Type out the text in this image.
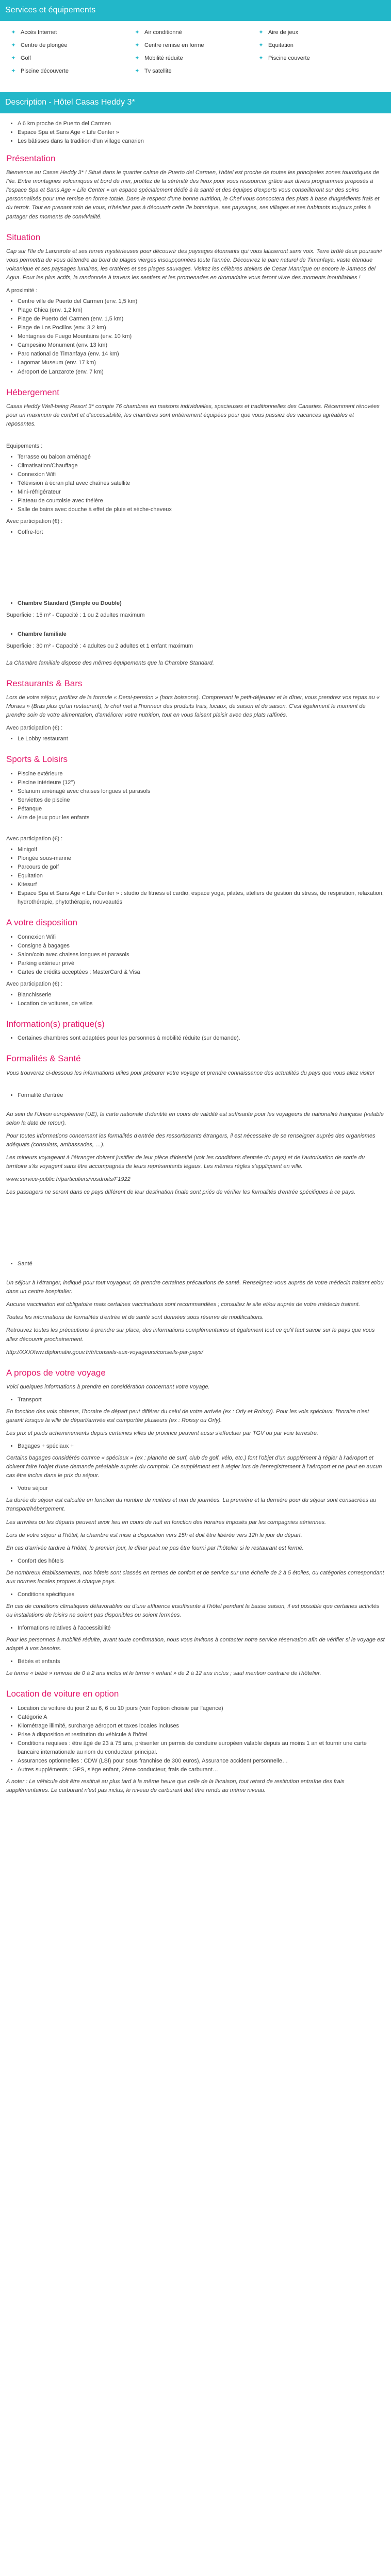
Services et équipements
✦ Accès Internet	✦ Air conditionné	✦ Aire de jeux
✦ Centre de plongée	✦ Centre remise en forme	✦ Equitation
✦ Golf	✦ Mobilité réduite	✦ Piscine couverte
✦ Piscine découverte	✦ Tv satellite
Description - Hôtel Casas Heddy 3*
• A 6 km proche de Puerto del Carmen
• Espace Spa et Sans Age « Life Center »
• Les bâtisses dans la tradition d'un village canarien
Présentation

Bienvenue au Casas Heddy 3* ! Situé dans le quartier calme de Puerto del Carmen, l'hôtel est proche de toutes les principales zones touristiques de l'île. Entre montagnes volcaniques et bord de mer, profitez de la sérénité des lieux pour vous ressourcer grâce aux divers programmes proposés à l'espace Spa et Sans Age « Life Center » un espace spécialement dédié à la santé et des équipes d'experts vous conseilleront sur des soins personnalisés pour une remise en forme totale. Dans le respect d'une bonne nutrition, le Chef vous concoctera des plats à base d'ingrédients frais et du terroir. Tout en prenant soin de vous, n'hésitez pas à découvrir cette île botanique, ses paysages, ses villages et ses habitants toujours prêts à partager des moments de convivialité.

Situation

Cap sur l'île de Lanzarote et ses terres mystérieuses pour découvrir des paysages étonnants qui vous laisseront sans voix. Terre brûlé deux poursuivi vous permettra de vous détendre au bord de plages vierges insoupçonnées toute l'année. Découvrez le parc naturel de Timanfaya, vaste étendue volcanique et ses paysages lunaires, les cratères et ses plages sauvages. Visitez les célèbres ateliers de Cesar Manrique ou encore le Jameos del Agua. Pour les plus actifs, la randonnée à travers les sentiers et les promenades en dromadaire vous feront vivre des moments inoubliables !

A proximité :
• Centre ville de Puerto del Carmen (env. 1,5 km)
• Plage Chica (env. 1,2 km)
• Plage de Puerto del Carmen (env. 1,5 km)
• Plage de Los Pocillos (env. 3,2 km)
• Montagnes de Fuego Mountains (env. 10 km)
• Campesino Monument (env. 13 km)
• Parc national de Timanfaya (env. 14 km)
• Lagomar Museum (env. 17 km)
• Aéroport de Lanzarote (env. 7 km)
Hébergement

Casas Heddy Well-being Resort 3* compte 76 chambres en maisons individuelles, spacieuses et traditionnelles des Canaries. Récemment rénovées pour un maximum de confort et d'accessibilité, les chambres sont entièrement équipées pour que vous passiez des vacances agréables et reposantes.

Equipements :
• Terrasse ou balcon aménagé
• Climatisation/Chauffage
• Connexion Wifi
• Télévision à écran plat avec chaînes satellite
• Mini-réfrigérateur
• Plateau de courtoisie avec théière
• Salle de bains avec douche à effet de pluie et sèche-cheveux
Avec participation (€) :
• Coffre-fort
• Chambre Standard (Simple ou Double)
Superficie : 15 m² - Capacité : 1 ou 2 adultes maximum
• Chambre familiale
Superficie : 30 m² - Capacité : 4 adultes ou 2 adultes et 1 enfant maximum

La Chambre familiale dispose des mêmes équipements que la Chambre Standard.

Restaurants & Bars

Lors de votre séjour, profitez de la formule « Demi-pension » (hors boissons). Comprenant le petit-déjeuner et le dîner, vous prendrez vos repas au « Moraes » (Bras plus qu'un restaurant), le chef met à l'honneur des produits frais, locaux, de saison et de saison. C'est également le moment de prendre soin de votre alimentation, d'améliorer votre nutrition, tout en vous faisant plaisir avec des plats raffinés.

Avec participation (€) :
• Le Lobby restaurant
Sports & Loisirs
• Piscine extérieure
• Piscine intérieure (12°)
• Solarium aménagé avec chaises longues et parasols
• Serviettes de piscine
• Pétanque
• Aire de jeux pour les enfants
Avec participation (€) :
• Minigolf
• Plongée sous-marine
• Parcours de golf
• Equitation
• Kitesurf
• Espace Spa et Sans Age « Life Center » : studio de fitness et cardio, espace yoga, pilates, ateliers de gestion du stress, de respiration, relaxation, hydrothérapie, phytothérapie, nouveautés
A votre disposition
• Connexion Wifi
• Consigne à bagages
• Salon/coin avec chaises longues et parasols
• Parking extérieur privé
• Cartes de crédits acceptées : MasterCard & Visa
Avec participation (€) :
• Blanchisserie
• Location de voitures, de vélos
Information(s) pratique(s)
• Certaines chambres sont adaptées pour les personnes à mobilité réduite (sur demande).
Formalités & Santé

Vous trouverez ci-dessous les informations utiles pour préparer votre voyage et prendre connaissance des actualités du pays que vous allez visiter

• Formalité d'entrée

Au sein de l'Union européenne (UE), la carte nationale d'identité en cours de validité est suffisante pour les voyageurs de nationalité française (valable selon la date de retour).

Pour toutes informations concernant les formalités d'entrée des ressortissants étrangers, il est nécessaire de se renseigner auprès des organismes adéquats (consulats, ambassades, …).

Les mineurs voyageant à l'étranger doivent justifier de leur pièce d'identité (voir les conditions d'entrée du pays) et de l'autorisation de sortie du territoire s'ils voyagent sans être accompagnés de leurs représentants légaux. Les mêmes règles s'appliquent en ville.

www.service-public.fr/particuliers/vosdroits/F1922

Les passagers ne seront dans ce pays différent de leur destination finale sont priés de vérifier les formalités d'entrée spécifiques à ce pays.

• Santé

Un séjour à l'étranger, indiqué pour tout voyageur, de prendre certaines précautions de santé. Renseignez-vous auprès de votre médecin traitant et/ou dans un centre hospitalier.

Aucune vaccination est obligatoire mais certaines vaccinations sont recommandées ; consultez le site et/ou auprès de votre médecin traitant.

Toutes les informations de formalités d'entrée et de santé sont données sous réserve de modifications.

Retrouvez toutes les précautions à prendre sur place, des informations complémentaires et également tout ce qu'il faut savoir sur le pays que vous allez découvrir prochainement.

http://XXXXww.diplomatie.gouv.fr/fr/conseils-aux-voyageurs/conseils-par-pays/

A propos de votre voyage

Voici quelques informations à prendre en considération concernant votre voyage.

• Transport

En fonction des vols obtenus, l'horaire de départ peut différer du celui de votre arrivée (ex : Orly et Roissy). Pour les vols spéciaux, l'horaire n'est garanti lorsque la ville de départ/arrivée est comportée plusieurs (ex : Roissy ou Orly).

Les prix et poids acheminements depuis certaines villes de province peuvent aussi s'effectuer par TGV ou par voie terrestre.

• Bagages + spéciaux +

Certains bagages considérés comme « spéciaux » (ex : planche de surf, club de golf, vélo, etc.) font l'objet d'un supplément à régler à l'aéroport et doivent faire l'objet d'une demande préalable auprès du comptoir. Ce supplément est à régler lors de l'enregistrement à l'aéroport et ne peut en aucun cas être inclus dans le prix du séjour.

• Votre séjour

La durée du séjour est calculée en fonction du nombre de nuitées et non de journées. La première et la dernière pour du séjour sont consacrées au transport/hébergement.

Les arrivées ou les départs peuvent avoir lieu en cours de nuit en fonction des horaires imposés par les compagnies aériennes.

Lors de votre séjour à l'hôtel, la chambre est mise à disposition vers 15h et doit être libérée vers 12h le jour du départ.

En cas d'arrivée tardive à l'hôtel, le premier jour, le dîner peut ne pas être fourni par l'hôtelier si le restaurant est fermé.

• Confort des hôtels

De nombreux établissements, nos hôtels sont classés en termes de confort et de service sur une échelle de 2 à 5 étoiles, ou catégories correspondant aux normes locales propres à chaque pays.

• Conditions spécifiques

En cas de conditions climatiques défavorables ou d'une affluence insuffisante à l'hôtel pendant la basse saison, il est possible que certaines activités ou installations de loisirs ne soient pas disponibles ou soient fermées.

• Informations relatives à l'accessibilité

Pour les personnes à mobilité réduite, avant toute confirmation, nous vous invitons à contacter notre service réservation afin de vérifier si le voyage est adapté à vos besoins.

• Bébés et enfants

Le terme « bébé » renvoie de 0 à 2 ans inclus et le terme « enfant » de 2 à 12 ans inclus ; sauf mention contraire de l'hôtelier.

Location de voiture en option
• Location de voiture du jour 2 au 6, 6 ou 10 jours (voir l'option choisie par l'agence)
• Catégorie A
• Kilométrage illimité, surcharge aéroport et taxes locales incluses
• Prise à disposition et restitution du véhicule à l'hôtel
• Conditions requises : être âgé de 23 à 75 ans, présenter un permis de conduire européen valable depuis au moins 1 an et fournir une carte bancaire internationale au nom du conducteur principal.
• Assurances optionnelles : CDW (LSI) pour sous franchise de 300 euros), Assurance accident personnelle…
• Autres suppléments : GPS, siège enfant, 2ème conducteur, frais de carburant…

A noter : Le véhicule doit être restitué au plus tard à la même heure que celle de la livraison, tout retard de restitution entraîne des frais supplémentaires. Le carburant n'est pas inclus, le niveau de carburant doit être rendu au même niveau.
